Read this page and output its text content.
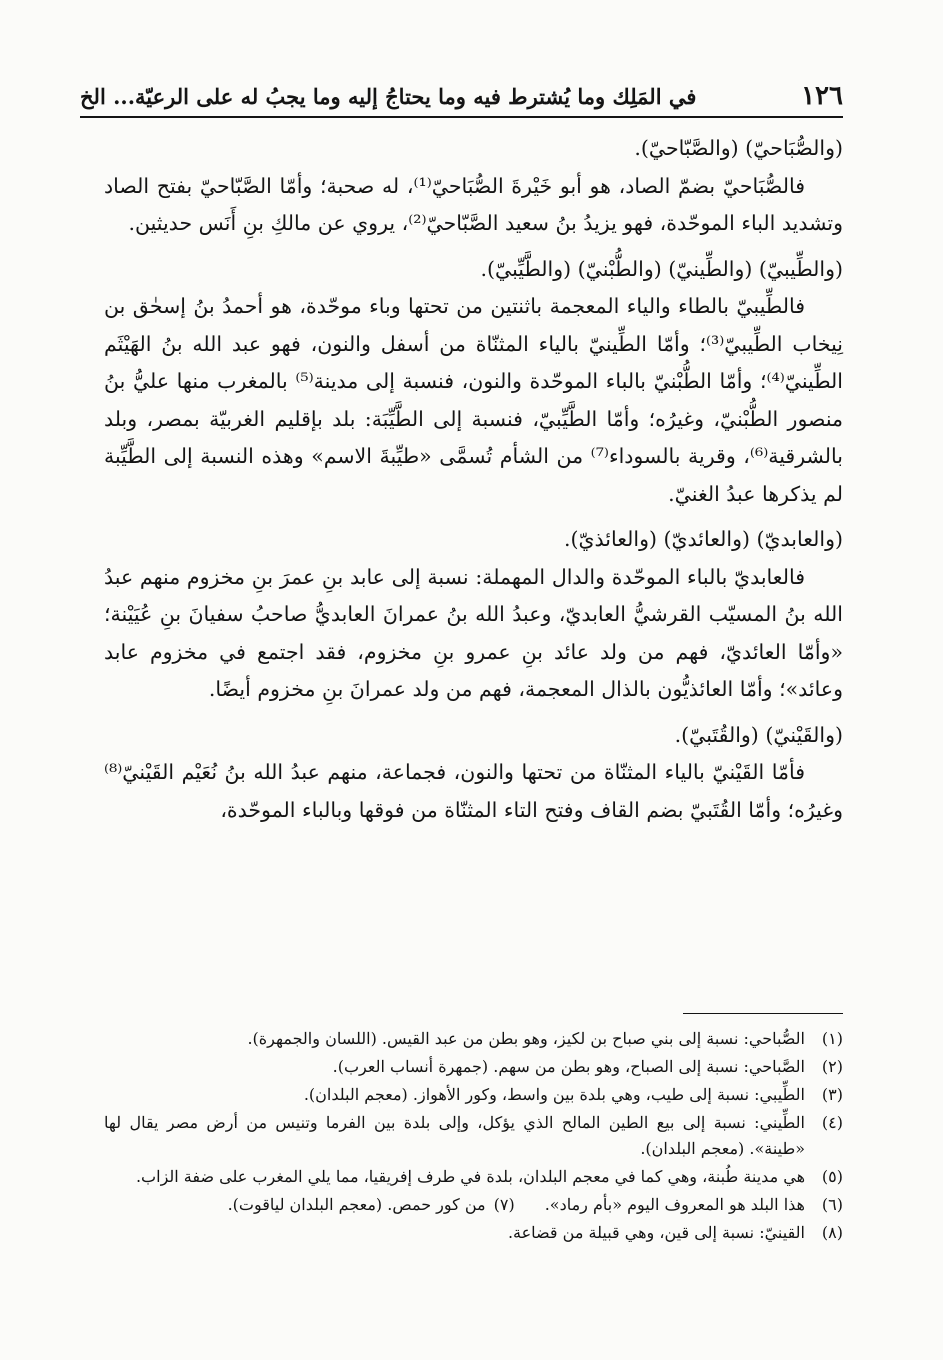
١٢٦
في المَلِك وما يُشترط فيه وما يحتاجُ إليه وما يجبُ له على الرعيّة... الخ

(والصُّبَاحيّ) (والصَّبّاحيّ).

فالصُّبَاحيّ بضمّ الصاد، هو أبو خَيْرةَ الصُّبَاحيّ⁽¹⁾، له صحبة؛ وأمّا الصَّبّاحيّ بفتح الصاد وتشديد الباء الموحّدة، فهو يزيدُ بنُ سعيد الصَّبّاحيّ⁽²⁾، يروي عن مالكِ بنِ أَنَس حديثين.

(والطِّيبيّ) (والطِّينيّ) (والطُّبْنيّ) (والطَّيِّبيّ).

فالطِّيبيّ بالطاء والياء المعجمة باثنتين من تحتها وباء موحّدة، هو أحمدُ بنُ إسحٰق بن نِيخاب الطِّيبيّ⁽³⁾؛ وأمّا الطِّينيّ بالياء المثنّاة من أسفل والنون، فهو عبد الله بنُ الهَيْثَم الطِّينيّ⁽⁴⁾؛ وأمّا الطُّبْنيّ بالباء الموحّدة والنون، فنسبة إلى مدينة⁽⁵⁾ بالمغرب منها عليُّ بنُ منصور الطُّبْنيّ، وغيرُه؛ وأمّا الطَّيِّبيّ، فنسبة إلى الطَّيِّبَة: بلد بإقليم الغربيّة بمصر، وبلد بالشرقية⁽⁶⁾، وقرية بالسوداء⁽⁷⁾ من الشأم تُسمَّى «طيِّبةَ الاسم» وهذه النسبة إلى الطَّيِّبة لم يذكرها عبدُ الغنيّ.

(والعابديّ) (والعائديّ) (والعائذيّ).

فالعابديّ بالباء الموحّدة والدال المهملة: نسبة إلى عابد بنِ عمرَ بنِ مخزوم منهم عبدُ الله بنُ المسيّب القرشيُّ العابديّ، وعبدُ الله بنُ عمرانَ العابديُّ صاحبُ سفيانَ بنِ عُيَيْنة؛ «وأمّا العائديّ، فهم من ولد عائد بنِ عمرو بنِ مخزوم، فقد اجتمع في مخزوم عابد وعائد»؛ وأمّا العائذيُّون بالذال المعجمة، فهم من ولد عمرانَ بنِ مخزوم أيضًا.

(والقَيْنيّ) (والقُتَبيّ).

فأمّا القَيْنيّ بالياء المثنّاة من تحتها والنون، فجماعة، منهم عبدُ الله بنُ نُعَيْم القَيْنيّ⁽⁸⁾ وغيرُه؛ وأمّا القُتَبيّ بضم القاف وفتح التاء المثنّاة من فوقها وبالباء الموحّدة،

(١)
الصُّباحي: نسبة إلى بني صباح بن لكيز، وهو بطن من عبد القيس. (اللسان والجمهرة).
(٢)
الصَّباحي: نسبة إلى الصباح، وهو بطن من سهم. (جمهرة أنساب العرب).
(٣)
الطِّيبي: نسبة إلى طيب، وهي بلدة بين واسط، وكور الأهواز. (معجم البلدان).
(٤)
الطِّيني: نسبة إلى بيع الطين المالح الذي يؤكل، وإلى بلدة بين الفرما وتنيس من أرض مصر يقال لها «طينة». (معجم البلدان).
(٥)
هي مدينة طُبنة، وهي كما في معجم البلدان، بلدة في طرف إفريقيا، مما يلي المغرب على ضفة الزاب.
(٦)
هذا البلد هو المعروف اليوم «بأم رماد».(٧)من كور حمص. (معجم البلدان لياقوت).
(٨)
القينيّ: نسبة إلى قين، وهي قبيلة من قضاعة.
